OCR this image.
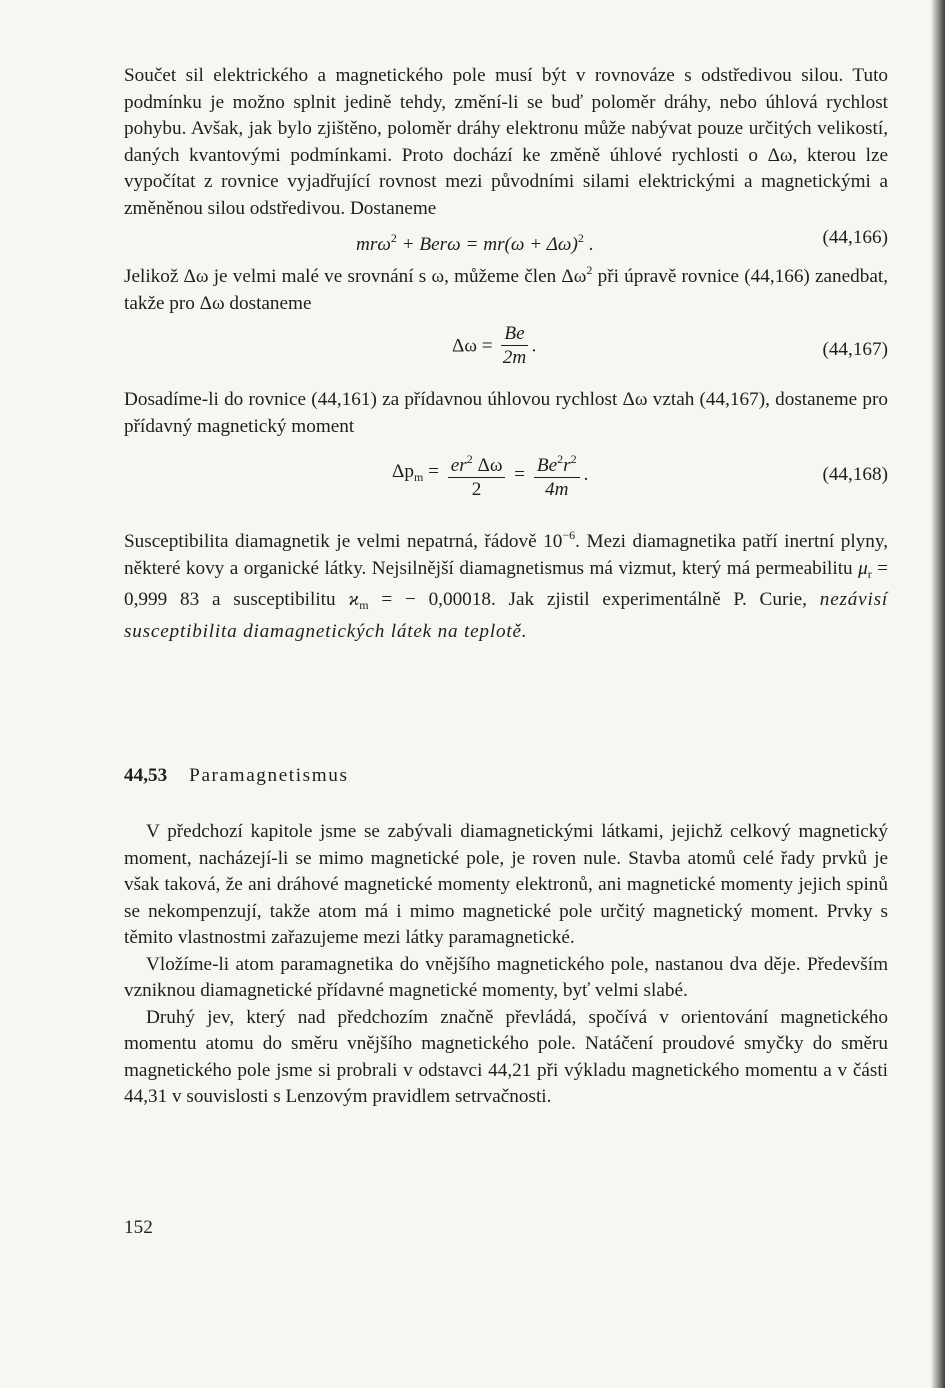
Součet sil elektrického a magnetického pole musí být v rovnováze s odstředivou silou. Tuto podmínku je možno splnit jedině tehdy, změní-li se buď poloměr dráhy, nebo úhlová rychlost pohybu. Avšak, jak bylo zjištěno, poloměr dráhy elektronu může nabývat pouze určitých velikostí, daných kvantovými podmínkami. Proto dochází ke změně úhlové rychlosti o Δω, kterou lze vypočítat z rovnice vyjadřující rovnost mezi původními silami elektrickými a magnetickými a změněnou silou odstředivou. Dostaneme

$mr\omega^2 + Ber\omega = mr(\omega + \Delta\omega)^2$ .	(44,166)

Jelikož Δω je velmi malé ve srovnání s ω, můžeme člen $\Delta\omega^2$ při úpravě rovnice (44,166) zanedbat, takže pro Δω dostaneme

$\Delta\omega = \frac{Be}{2m}$ .	(44,167)

Dosadíme-li do rovnice (44,161) za přídavnou úhlovou rychlost Δω vztah (44,167), dostaneme pro přídavný magnetický moment

$\Delta p_m = \frac{er^2 \Delta\omega}{2} = \frac{Be^2r^2}{4m}$ .	(44,168)

Susceptibilita diamagnetik je velmi nepatrná, řádově $10^{-6}$. Mezi diamagnetika patří inertní plyny, některé kovy a organické látky. Nejsilnější diamagnetismus má vizmut, který má permeabilitu $\mu_r = 0,999$ 83 a susceptibilitu $ϰ_m$ = − 0,00018. Jak zjistil experimentálně P. Curie, nezávisí susceptibilita diamagnetických látek na teplotě.

44,53 Paramagnetismus

V předchozí kapitole jsme se zabývali diamagnetickými látkami, jejichž celkový magnetický moment, nacházejí-li se mimo magnetické pole, je roven nule. Stavba atomů celé řady prvků je však taková, že ani dráhové magnetické momenty elektronů, ani magnetické momenty jejich spinů se nekompenzují, takže atom má i mimo magnetické pole určitý magnetický moment. Prvky s těmito vlastnostmi zařazujeme mezi látky paramagnetické.

Vložíme-li atom paramagnetika do vnějšího magnetického pole, nastanou dva děje. Především vzniknou diamagnetické přídavné magnetické momenty, byť velmi slabé.

Druhý jev, který nad předchozím značně převládá, spočívá v orientování magnetického momentu atomu do směru vnějšího magnetického pole. Natáčení proudové smyčky do směru magnetického pole jsme si probrali v odstavci 44,21 při výkladu magnetického momentu a v části 44,31 v souvislosti s Lenzovým pravidlem setrvačnosti.

152
